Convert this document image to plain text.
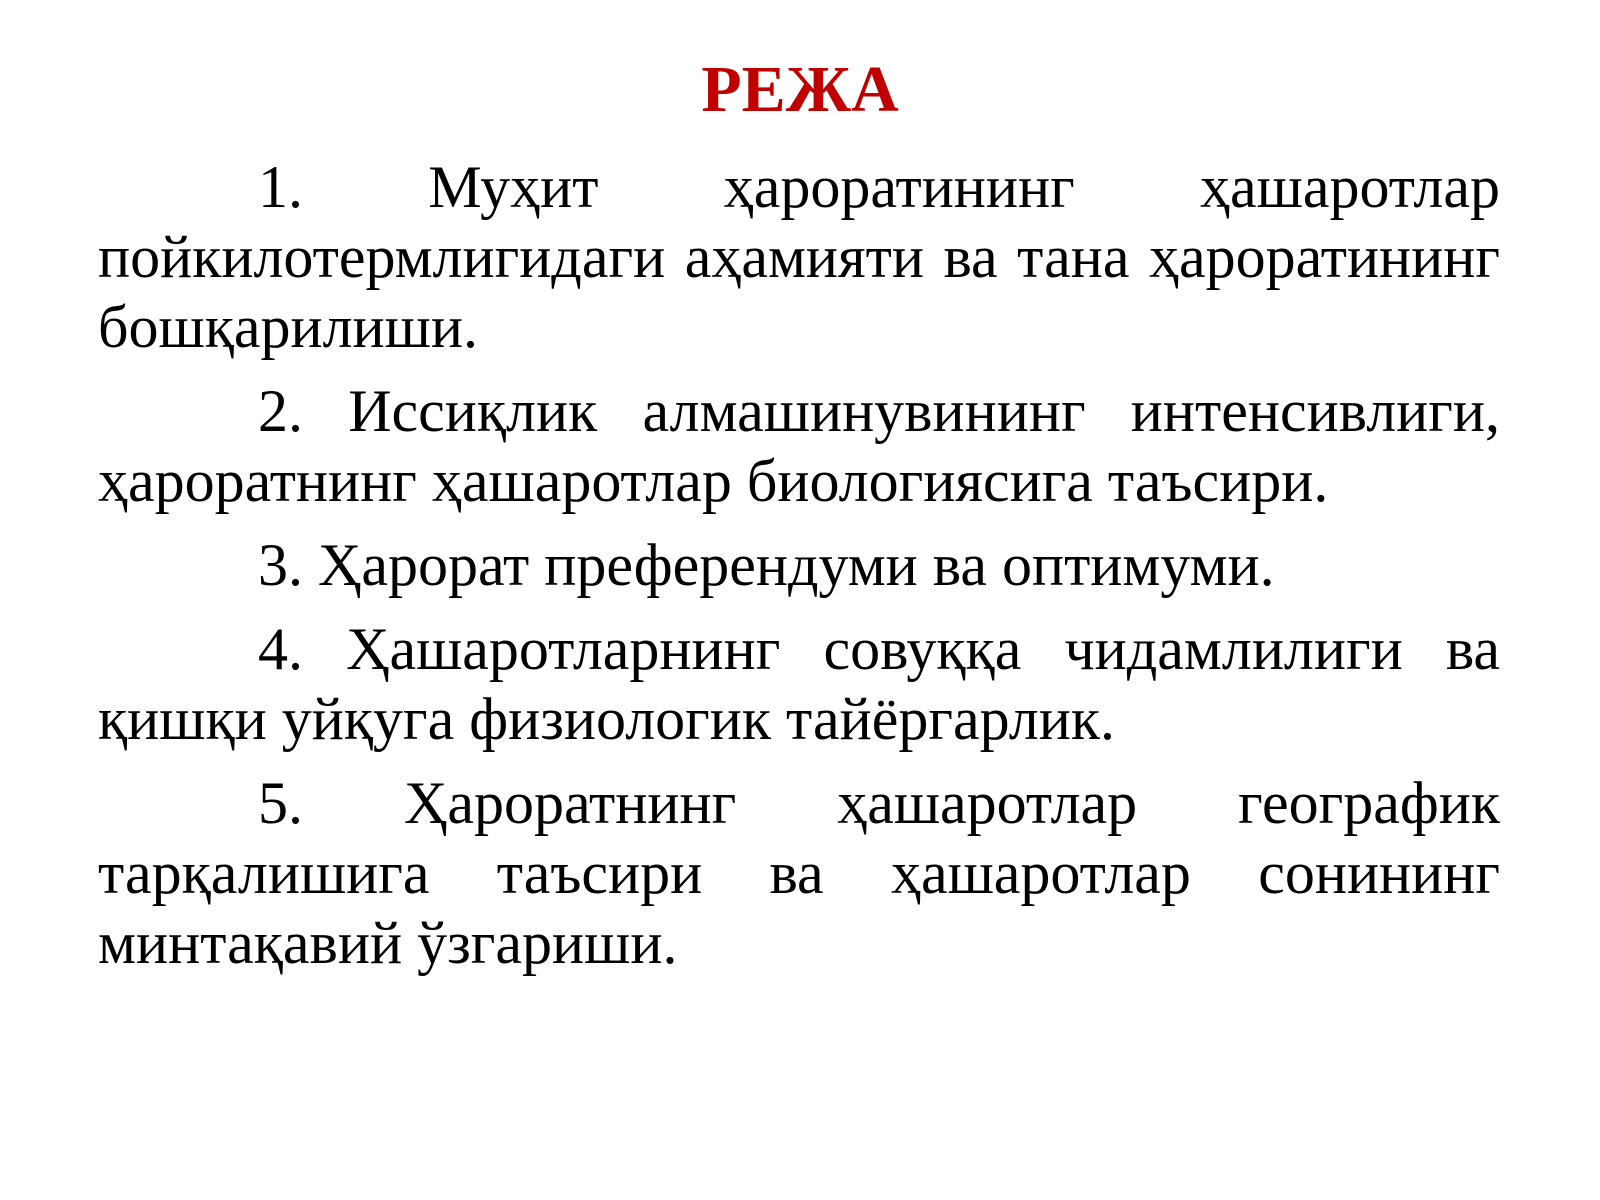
РЕЖА
1. Муҳит ҳароратининг ҳашаротлар пойкилотермлигидаги аҳамияти ва тана ҳароратининг бошқарилиши.
2. Иссиқлик алмашинувининг интенсивлиги, ҳароратнинг ҳашаротлар биологиясига таъсири.
3. Ҳарорат преферендуми ва оптимуми.
4. Ҳашаротларнинг совуққа чидамлилиги ва қишқи уйқуга физиологик тайёргарлик.
5. Ҳароратнинг ҳашаротлар географик тарқалишига таъсири ва ҳашаротлар сонининг минтақавий ўзгариши.
